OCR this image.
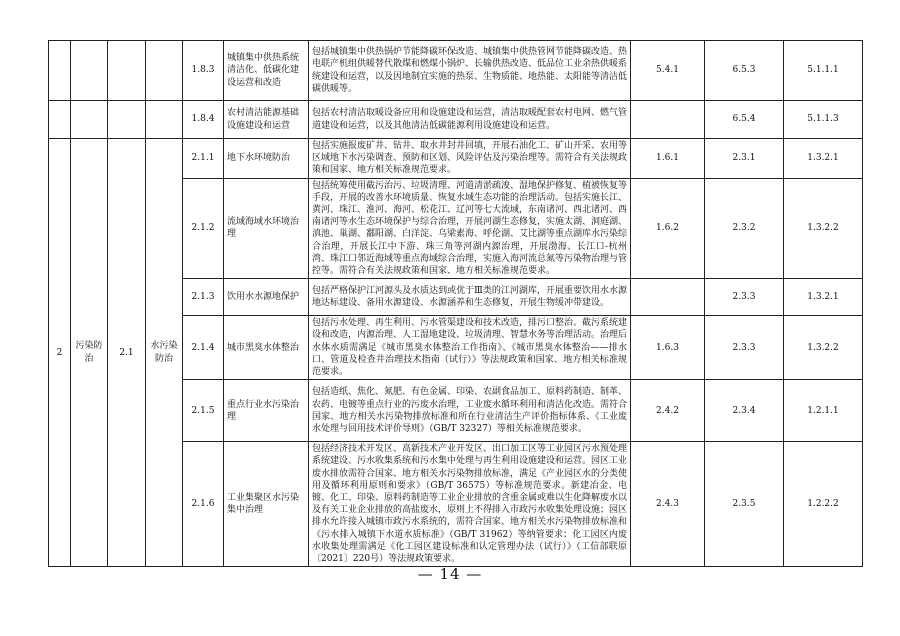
				1.8.3	城镇集中供热系统清洁化、低碳化建设运营和改造	包括城镇集中供热锅炉节能降碳环保改造、城镇集中供热管网节能降碳改造、热电联产机组供暖替代散煤和燃煤小锅炉、长输供热改造、低品位工业余热供暖系统建设和运营，以及因地制宜实施的热泵、生物质能、地热能、太阳能等清洁低碳供暖等。	5.4.1	6.5.3	5.1.1.1
				1.8.4	农村清洁能源基础设施建设和运营	包括农村清洁取暖设备应用和设施建设和运营，清洁取暖配套农村电网、燃气管道建设和运营，以及其他清洁低碳能源利用设施建设和运营。		6.5.4	5.1.1.3
2	污染防治	2.1	水污染防治	2.1.1	地下水环境防治	包括实施报废矿井、钻井、取水井封井回填，开展石油化工、矿山开采、农用等区域地下水污染调查、预防和区划、风险评估及污染治理等。需符合有关法规政策和国家、地方相关标准规范要求。	1.6.1	2.3.1	1.3.2.1
				2.1.2	流域海域水环境治理	包括统筹使用截污治污、垃圾清理、河道清淤疏浚、湿地保护修复、植被恢复等手段，开展的改善水环境质量、恢复水域生态功能的治理活动。包括实施长江、黄河、珠江、淮河、海河、松花江、辽河等七大流域，东南诸河、西北诸河、西南诸河等水生态环境保护与综合治理，开展河湖生态修复，实施太湖、洞庭湖、滇池、巢湖、鄱阳湖、白洋淀、乌梁素海、呼伦湖、艾比湖等重点湖库水污染综合治理，开展长江中下游、珠三角等河湖内源治理，开展渤海、长江口-杭州湾、珠江口邻近海域等重点海域综合治理，实施入海河流总氮等污染物治理与管控等。需符合有关法规政策和国家、地方相关标准规范要求。	1.6.2	2.3.2	1.3.2.2
				2.1.3	饮用水水源地保护	包括严格保护江河源头及水质达到或优于Ⅲ类的江河湖库，开展重要饮用水水源地达标建设、备用水源建设、水源涵养和生态修复，开展生物缓冲带建设。		2.3.3	1.3.2.1
				2.1.4	城市黑臭水体整治	包括污水处理、再生利用、污水管渠建设和技术改造，排污口整治、截污系统建设和改造，内源治理、人工湿地建设、垃圾清理、智慧水务等治理活动。治理后水体水质需满足《城市黑臭水体整治工作指南》、《城市黑臭水体整治——排水口、管道及检查井治理技术指南（试行）》等法规政策和国家、地方相关标准规范要求。	1.6.3	2.3.3	1.3.2.2
				2.1.5	重点行业水污染治理	包括造纸、焦化、氮肥、有色金属、印染、农副食品加工、原料药制造、制革、农药、电镀等重点行业的污废水治理，工业废水循环利用和清洁化改造。需符合国家、地方相关水污染物排放标准和所在行业清洁生产评价指标体系、《工业废水处理与回用技术评价导则》（GB/T 32327）等相关标准规范要求。	2.4.2	2.3.4	1.2.1.1
				2.1.6	工业集聚区水污染集中治理	包括经济技术开发区、高新技术产业开发区、出口加工区等工业园区污水预处理系统建设、污水收集系统和污水集中处理与再生利用设施建设和运营。园区工业废水排放需符合国家、地方相关水污染物排放标准，满足《产业园区水的分类使用及循环利用原则和要求》（GB/T 36575）等标准规范要求。新建冶金、电镀、化工、印染、原料药制造等工业企业排放的含重金属或难以生化降解废水以及有关工业企业排放的高盐废水，原则上不得排入市政污水收集处理设施；园区排水允许接入城镇市政污水系统的，需符合国家、地方相关水污染物排放标准和《污水排入城镇下水道水质标准》（GB/T 31962）等纳管要求；化工园区内废水收集处理需满足《化工园区建设标准和认定管理办法（试行）》（工信部联原〔2021〕220号）等法规政策要求。	2.4.3	2.3.5	1.2.2.2
— 14 —
